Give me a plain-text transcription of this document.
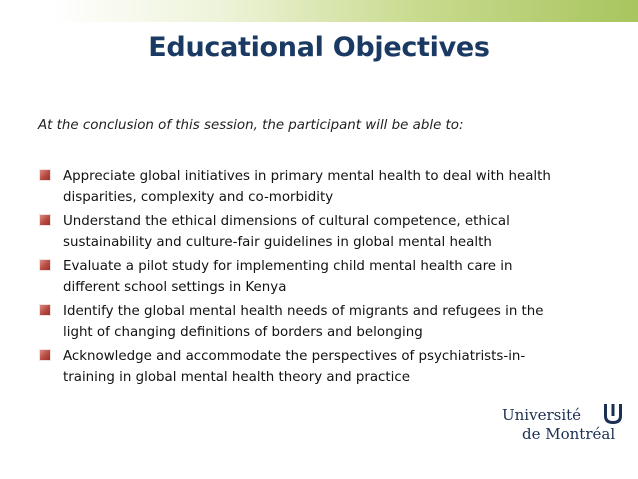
Educational Objectives
At the conclusion of this session, the participant will be able to:
Appreciate global initiatives in primary mental health to deal with health
disparities, complexity and co-morbidity
Understand the ethical dimensions of cultural competence, ethical
sustainability and culture-fair guidelines in global mental health
Evaluate a pilot study for implementing child mental health care in
different school settings in Kenya
Identify the global mental health needs of migrants and refugees in the
light of changing definitions of borders and belonging
Acknowledge and accommodate the perspectives of psychiatrists-in-
training in global mental health theory and practice
Université
de Montréal
